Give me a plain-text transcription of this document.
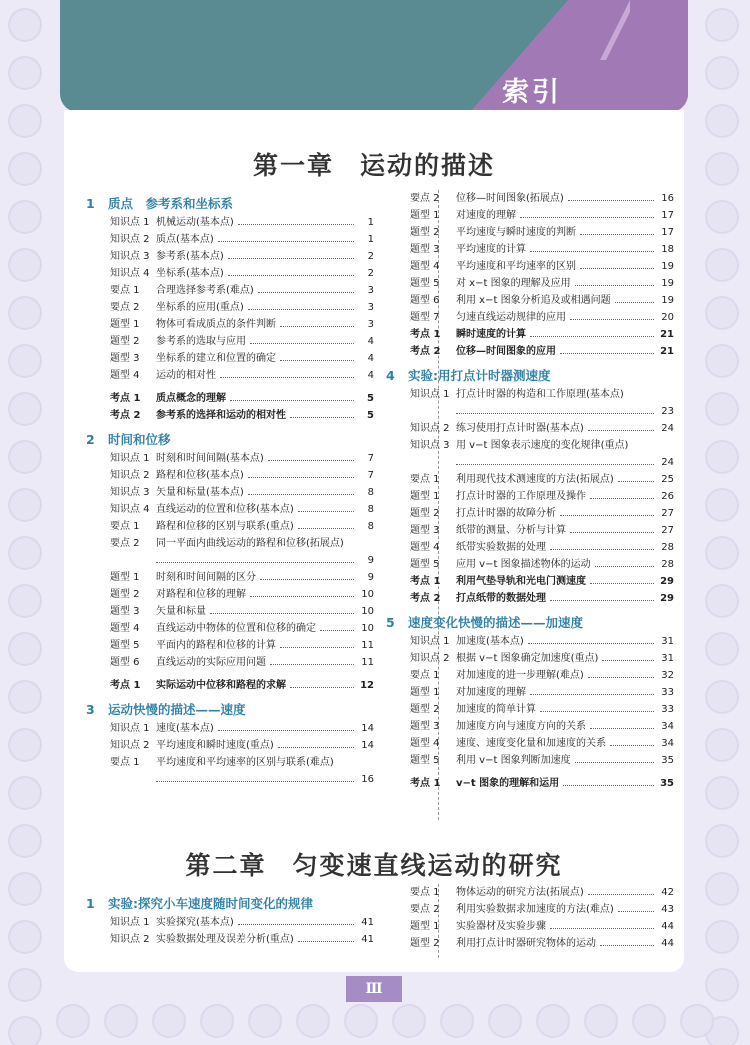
索引
第一章 运动的描述
1 质点　参考系和坐标系
知识点 1 机械运动(基本点)	1
知识点 2 质点(基本点)	1
知识点 3 参考系(基本点)	2
知识点 4 坐标系(基本点)	2
要点 1	合理选择参考系(难点)	3
要点 2	坐标系的应用(重点)	3
题型 1	物体可看成质点的条件判断	3
题型 2	参考系的选取与应用	4
题型 3	坐标系的建立和位置的确定	4
题型 4	运动的相对性	4
考点 1	质点概念的理解	5
考点 2	参考系的选择和运动的相对性	5
2 时间和位移
知识点 1 时刻和时间间隔(基本点)	7
知识点 2 路程和位移(基本点)	7
知识点 3 矢量和标量(基本点)	8
知识点 4 直线运动的位置和位移(基本点)	8
要点 1	路程和位移的区别与联系(重点)	8
要点 2	同一平面内曲线运动的路程和位移(拓展点)
9
题型 1	时刻和时间间隔的区分	9
题型 2	对路程和位移的理解	10
题型 3	矢量和标量	10
题型 4	直线运动中物体的位置和位移的确定	10
题型 5	平面内的路程和位移的计算	11
题型 6	直线运动的实际应用问题	11
考点 1	实际运动中位移和路程的求解	12
3 运动快慢的描述——速度
知识点 1 速度(基本点)	14
知识点 2 平均速度和瞬时速度(重点)	14
要点 1	平均速度和平均速率的区别与联系(难点)
16
要点 2	位移—时间图象(拓展点)	16
题型 1	对速度的理解	17
题型 2	平均速度与瞬时速度的判断	17
题型 3	平均速度的计算	18
题型 4	平均速度和平均速率的区别	19
题型 5	对 x−t 图象的理解及应用	19
题型 6	利用 x−t 图象分析追及或相遇问题	19
题型 7	匀速直线运动规律的应用	20
考点 1	瞬时速度的计算	21
考点 2	位移—时间图象的应用	21
4 实验:用打点计时器测速度
知识点 1 打点计时器的构造和工作原理(基本点)
23
知识点 2 练习使用打点计时器(基本点)	24
知识点 3 用 v−t 图象表示速度的变化规律(重点)
24
要点 1	利用现代技术测速度的方法(拓展点)	25
题型 1	打点计时器的工作原理及操作	26
题型 2	打点计时器的故障分析	27
题型 3	纸带的测量、分析与计算	27
题型 4	纸带实验数据的处理	28
题型 5	应用 v−t 图象描述物体的运动	28
考点 1	利用气垫导轨和光电门测速度	29
考点 2	打点纸带的数据处理	29
5 速度变化快慢的描述——加速度
知识点 1 加速度(基本点)	31
知识点 2 根据 v−t 图象确定加速度(重点)	31
要点 1	对加速度的进一步理解(难点)	32
题型 1	对加速度的理解	33
题型 2	加速度的简单计算	33
题型 3	加速度方向与速度方向的关系	34
题型 4	速度、速度变化量和加速度的关系	34
题型 5	利用 v−t 图象判断加速度	35
考点 1	v−t 图象的理解和运用	35
第二章 匀变速直线运动的研究
1 实验:探究小车速度随时间变化的规律
知识点 1 实验探究(基本点)	41
知识点 2 实验数据处理及误差分析(重点)	41
要点 1	物体运动的研究方法(拓展点)	42
要点 2	利用实验数据求加速度的方法(难点)	43
题型 1	实验器材及实验步骤	44
题型 2	利用打点计时器研究物体的运动	44
Ⅲ
